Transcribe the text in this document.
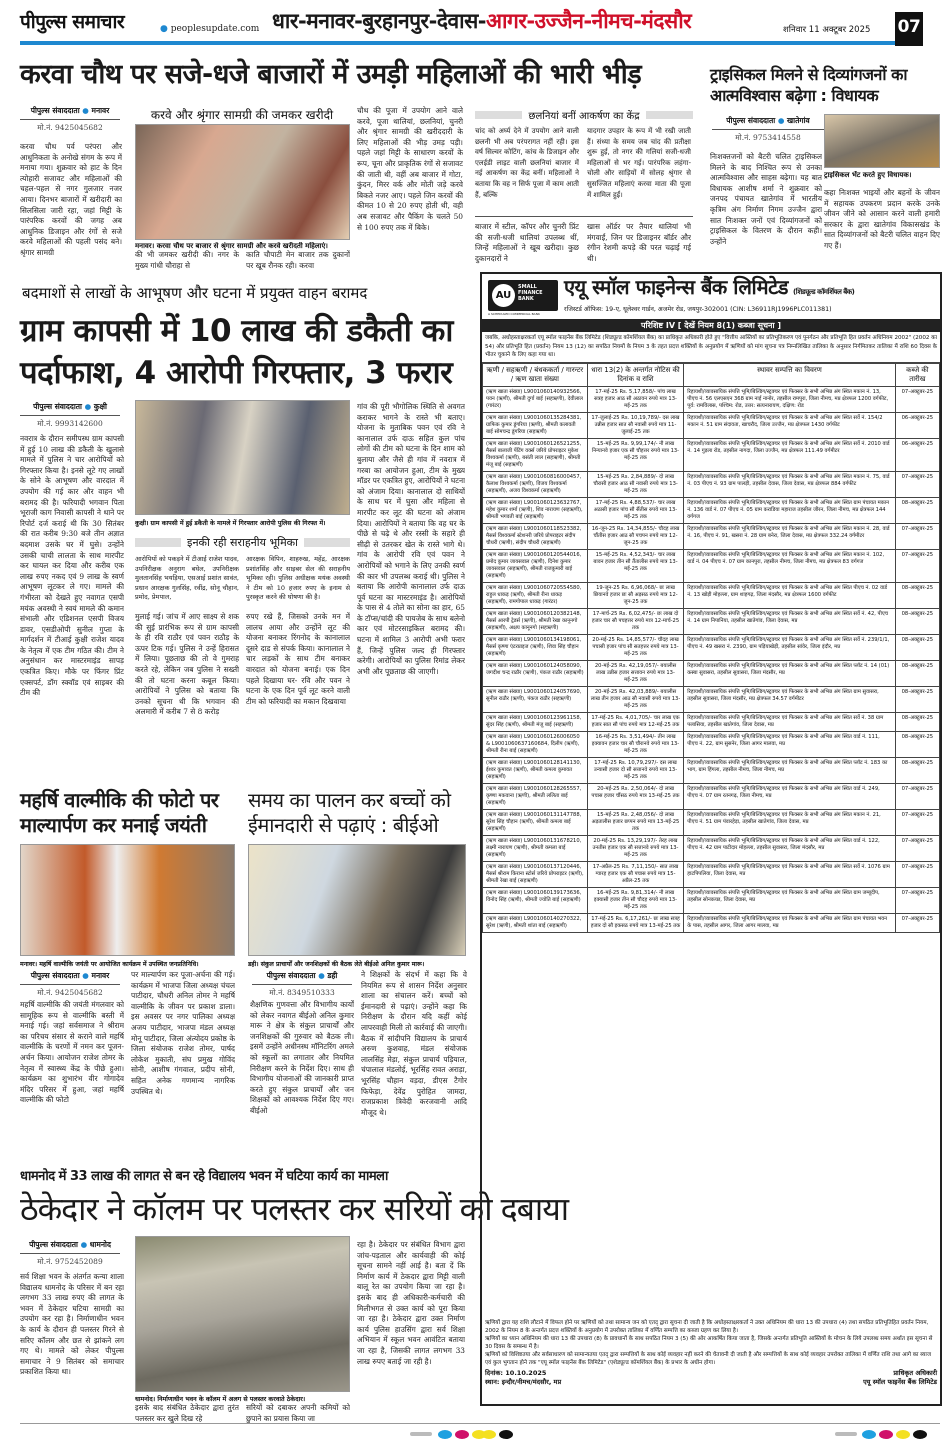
पीपुल्स समाचार	● peoplesupdate.com धार-मनावर-बुरहानपुर-देवास-आगर-उज्जैन-नीमच-मंदसौर	शनिवार 11 अक्टूबर 2025 07
करवा चौथ पर सजे-धजे बाजारों में उमड़ी महिलाओं की भारी भीड़
पीपुल्स संवाददाता ● मनावर
मो.नं. 9425045682
करवा चौथ पर्व परंपरा और आधुनिकता के अनोखे संगम के रूप में मनाया गया। शुक्रवार को हाट के दिन त्योहारी सजावट और महिलाओं की चहल-पहल से नगर गुलजार नजर आया। दिनभर बाजारों में खरीदारी का सिलसिला जारी रहा, जहां मिट्टी के पारंपरिक करवों की जगह अब आधुनिक डिजाइन और रंगों से सजे करवे महिलाओं की पहली पसंद बने। श्रृंगार सामग्री
करवे और श्रृंगार सामग्री की जमकर खरीदी
मनावर। करवा चौथ पर बाजार से श्रृंगार सामग्री और करवे खरीदती महिलाएं।
की भी जमकर खरीदी की। नगर के मुख्य गांधी चौराहा से
काति चौपाटी मेन बाजार तक दुकानों पर खूब रौनक रही। करवा
चौथ की पूजा में उपयोग आने वाले करवे, पूजा थालियां, छलनियां, चुनरी और श्रृंगार सामग्री की खरीददारी के लिए महिलाओं की भीड़ उमड़ पड़ी। पहले जहां मिट्टी के साधारण करवों के रूप, चूना और प्राकृतिक रंगों से सजावट की जाती थी, वहीं अब बाजार में गोटा, कुंदन, मिरर वर्क और मोती जड़े करवे बिकते नजर आए। पहले जिन करवों की कीमत 10 से 20 रुपए होती थी, वही अब सजावट और पैकिंग के चलते 50 से 100 रुपए तक में बिके।
छलनियां बनीं आकर्षण का केंद्र
चांद को अर्घ्य देने में उपयोग आने वाली छलनी भी अब परंपरागत नहीं रही। इस वर्ष सिल्वर कोटिंग, कांच के डिजाइन और एलईडी लाइट वाली छलनियां बाजार में नई आकर्षण का केंद्र बनीं। महिलाओं ने बताया कि वह न सिर्फ पूजा में काम आती हैं, बल्कि
यादगार उपहार के रूप में भी रखी जाती हैं। संध्या के समय जब चांद की प्रतीक्षा शुरू हुई, तो नगर की गलियां सजी-धजी महिलाओं से भर गई। पारंपरिक लहंगा-चोली और साड़ियों में सोलह श्रृंगार से सुसज्जित महिलाएं करवा माता की पूजा में शामिल हुईं।
बाजार में स्टील, कॉपर और चुनरी प्रिंट की सजी-धजी थालियां उपलब्ध थीं, जिन्हें महिलाओं ने खूब खरीदा। कुछ दुकानदारों ने
खास ऑर्डर पर तैयार थालियां भी मंगवाईं, जिन पर डिजाइनर बॉर्डर और रंगीन रेशमी कपड़े की परत चढ़ाई गई थी।
ट्राइसिकल मिलने से दिव्यांगजनों का आत्मविश्वास बढ़ेगा : विधायक
पीपुल्स संवाददाता ● खातेगांव
मो.नं. 9753414558
निःशक्तजनों को बैटरी चलित ट्राइसिकल मिलने के बाद निश्चित रूप से उनका आत्मविश्वास और साहस बढ़ेगा। यह बात विधायक आशीष शर्मा ने शुक्रवार को जनपद पंचायत खातेगांव में भारतीय कृत्रिम अंग निर्माण निगम उज्जैन द्वारा सात निःशक्त जनों एवं दिव्यांगजनों को ट्राइसिकल के वितरण के दौरान कही। उन्होंने
ट्राइसिकल भेंट करते हुए विधायक।
कहा निःशक्त भाइयों और बहनों के जीवन में सहायक उपकरण प्रदान करके उनके जीवन जीने को आसान करने वाली हमारी सरकार के द्वारा खातेगांव विकासखंड के सात दिव्यांगजनों को बैटरी चलित वाहन दिए गए हैं।
बदमाशों से लाखों के आभूषण और घटना में प्रयुक्त वाहन बरामद
ग्राम कापसी में 10 लाख की डकैती का
पर्दाफाश, 4 आरोपी गिरफ्तार, 3 फरार
पीपुल्स संवाददाता ● कुक्षी
मो.नं. 9993142600
नवरात्र के दौरान समीपस्थ ग्राम कापसी में हुई 10 लाख की डकैती के खुलासे मामले में पुलिस ने चार आरोपियों को गिरफ्तार किया है। इनसे लूटे गए लाखों के सोने के आभूषण और वारदात में उपयोग की गई कार और वाहन भी बरामद की है। फरियादी भगवान पिता भूराजी काग निवासी कापसी ने थाने पर रिपोर्ट दर्ज कराई थी कि 30 सितंबर की रात करीब 9:30 बजे तीन अज्ञात बदमाश उसके घर में घुसे। उन्होंने उसकी चाची लालता के साथ मारपीट कर घायल कर दिया और करीब एक लाख रुपए नकद एवं 9 लाख के स्वर्ण आभूषण लूटकर ले गए। मामले की गंभीरता को देखते हुए नवागत एसपी मयंक अवस्थी ने स्वयं मामले की कमान संभाली और एडिशनल एसपी विजय डावर, एसडीओपी सुनील गुप्ता के मार्गदर्शन में टीआई कुक्षी राजेश यादव के नेतृत्व में एक टीम गठित की। टीम ने अनुसंधान कर मास्टरमाइंड सापड़ एकत्रित किए। मौके पर फिंगर प्रिंट एक्सपर्ट, डॉग स्क्वॉड एवं साइबर की टीम की
कुक्षी। ग्राम कापसी में हुई डकैती के मामले में गिरफ्तार आरोपी पुलिस की गिरफ्त में।
इनकी रही सराहनीय भूमिका
आरोपियों को पकड़ने में टीआई राजेश यादव, उपनिरीक्षक अनुराग बघेल, उपनिरीक्षक मुलतानसिंह भयड़िया, एसआई प्रशांत सावंत, प्रधान आरक्षक गुलसिंह, रवींद्र, सोनू चौहान, प्रमोद, प्रेमपाल,
आरक्षक विपिन, शाहरुख, महेंद्र, आरक्षक प्रशांतसिंह और साइबर सेल की सराहनीय भूमिका रही। पुलिस अधीक्षक मयंक अवस्थी ने टीम को 10 हजार रुपए के इनाम से पुरस्कृत करने की घोषणा की है।
मुलाई गई। जांच में आए साक्ष्य से शक की सुई प्रारंभिक रूप से ग्राम कापसी के ही रवि राठौर एवं पवन राठौड़ के ऊपर टिक गई। पुलिस ने उन्हें हिरासत में लिया। पूछताछ की तो वे गुमराह करते रहे, लेकिन जब पुलिस ने सख्ती की तो घटना करना कबूल किया। आरोपियों ने पुलिस को बताया कि उनको सूचना थी कि भगवान की अलमारी में करीब 7 से 8 करोड़
रुपए रखे हैं, जिसको उनके मन में लालच आया और उन्होंने लूट की योजना बनाकर रिंगनोद के कानालाल दूसरे दाड से संपर्क किया। कानालाल ने चार लड़कों के साथ टीम बनाकर वारदात को योजना बनाई। एक दिन पहले दिखाया घर- रवि और पवन ने घटना के एक दिन पूर्व लूट करने वाली टीम को फरियादी का मकान दिखवाया
गांव की पूरी भौगोलिक स्थिति से अवगत कराकर भागने के रास्ते भी बताए। योजना के मुताबिक पवन एवं रवि ने कानालाल उर्फ दाऊ सहित कुल पांच लोगों की टीम को घटना के दिन शाम को बुलाया और जैसे ही गांव में नवरात्र में गरबा का आयोजन हुआ, टीम के मुख्य मॉडर पर एकत्रित हुए, आरोपियों ने घटना को अंजाम दिया। कानालाल दो साथियों के साथ घर में घुसा और महिला से मारपीट कर लूट की घटना को अंजाम दिया। आरोपियों ने बताया कि वह घर के पीछे से चढ़े थे और रस्सी के सहारे ही सीढ़ी से उतरकर खेत के रास्ते भागे थे। गांव के आरोपी रवि एवं पवन ने आरोपियों को भगाने के लिए उनकी स्वर्ण की कार भी उपलब्ध कराई थी। पुलिस ने बताया कि आरोपी कानालाल उर्फ दाऊ पूर्व घटना का मास्टरमाइंड है। आरोपियों के पास से 4 तोले का सोना का हार, 65 के टॉप्स/चांदी की पायजेब के साथ बलेनो कार एवं मोटरसाइकिल बरामद की। घटना में शामिल 3 आरोपी अभी फरार हैं, जिन्हें पुलिस जल्द ही गिरफ्तार करेगी। आरोपियों का पुलिस रिमांड लेकर अभी और पूछताछ की जाएगी।
महर्षि वाल्मीकि की फोटो पर माल्यार्पण कर मनाई जयंती
मनावर। महर्षि वाल्मीकि जयंती पर आयोजित कार्यक्रम में उपस्थित जनप्रतिनिधि।
पीपुल्स संवाददाता ● मनावर
मो.नं. 9425045682
महर्षि वाल्मीकि की जयंती मंगलवार को सामूहिक रूप से वाल्मीकि बस्ती में मनाई गई। जहां सर्वसमाज ने श्रीराम का परिचय संसार से कराने वाले महर्षि वाल्मीकि के चरणों में नमन कर पूजन-अर्चन किया। आयोजन राजेश तोमर के नेतृत्व में स्वास्थ्य केंद्र के पीछे हुआ। कार्यक्रम का शुभारंभ वीर गोगादेव मंदिर परिसर में हुआ, जहां महर्षि वाल्मीकि की फोटो
पर माल्यार्पण कर पूजा-अर्चना की गई। कार्यक्रम में भाजपा जिला अध्यक्ष चंचल पाटीदार, चौधरी अनिल तोमर ने महर्षि वाल्मीकि के जीवन पर प्रकाश डाला। इस अवसर पर नगर पालिका अध्यक्ष अजय पाटीदार, भाजपा मंडल अध्यक्ष मोनू पाटीदार, जिला अंत्योदय प्रकोष्ठ के जिला संयोजक राजेश तोमर, पार्षद लोकेश मुकाती, संघ प्रमुख गोविंद सोनी, आशीष गंगवाल, प्रदीप सोनी, सहित अनेक गणमान्य नागरिक उपस्थित थे।
समय का पालन कर बच्चों को ईमानदारी से पढ़ाएं : बीईओ
डही। संकुल प्राचार्यों और जनशिक्षकों की बैठक लेते बीईओ अनिल कुमार मारू।
पीपुल्स संवाददाता ● डही
मो.नं. 8349510333
शैक्षणिक गुणवत्ता और विभागीय कार्यों को लेकर नवागत बीईओ अनिल कुमार मारू ने क्षेत्र के संकुल प्राचार्यों और जनशिक्षकों की गुरुवार को बैठक ली। इसमें उन्होंने अधीनस्थ मॉनिटरिंग अमले को स्कूलों का लगातार और नियमित निरीक्षण करने के निर्देश दिए। साथ ही विभागीय योजनाओं की जानकारी प्राप्त करते हुए संकुल प्राचार्यों और जन शिक्षकों को आवश्यक निर्देश दिए गए। बीईओ
ने शिक्षकों के संदर्भ में कहा कि वे नियमित रूप से शासन निर्देश अनुसार शाला का संचालन करें। बच्चों को ईमानदारी से पढ़ाएं। उन्होंने कहा कि निरीक्षण के दौरान यदि कहीं कोई लापरवाही मिली तो कार्रवाई की जाएगी। बैठक में सांदीपनि विद्यालय के प्राचार्य अरुण कुशवाह, मंडल संयोजक लालसिंह मेड़ा, संकुल प्राचार्य पड़ियाल, चंपालाल मंडलोई, भूरसिंह रावत अराड़ा, भूरसिंह चौहान वड़दा, डीएस टैगोर फिफेड़ा, देवेंद्र पुरोहित जामदा, राजप्रकाश त्रिवेदी करजवानी आदि मौजूद थे।
धामनोद में 33 लाख की लागत से बन रहे विद्यालय भवन में घटिया कार्य का मामला
ठेकेदार ने कॉलम पर पलस्तर कर सरियों को दबाया
पीपुल्स संवाददाता ● धामनोद
मो.नं. 9752452089
सर्व शिक्षा भवन के अंतर्गत कन्या शाला विद्यालय धामनोद के परिसर में बन रहा लगभग 33 लाख रुपए की लागत के भवन में ठेकेदार घटिया सामग्री का उपयोग कर रहा है। निर्माणाधीन भवन के कार्य के दौरान ही पलस्तर गिरने से सरिए कॉलम और छत से झांकने लग गए थे। मामले को लेकर पीपुल्स समाचार ने 9 सितंबर को समाचार प्रकाशित किया था।
धामनोद। निर्माणाधीन भवन के कॉलम में अलग से पलस्तर करवाते ठेकेदार।
इसके बाद संबंधित ठेकेदार द्वारा तुरंत पलस्तर कर खुले दिख रहे
सरियों को दबाकर अपनी कमियों को छुपाने का प्रयास किया जा
रहा है। ठेकेदार पर संबंधित विभाग द्वारा जांच-पड़ताल और कार्यवाही की कोई सूचना सामने नहीं आई है। बता दें कि निर्माण कार्य में ठेकदार द्वारा मिट्टी वाली बालू रेत का उपयोग किया जा रहा है। इसके बाद ही अधिकारी-कर्मचारी की मिलीभगत से उक्त कार्य को पूरा किया जा रहा है। ठेकेदार द्वारा उक्त निर्माण कार्य पुलिस हाउसिंग द्वारा सर्व शिक्षा अभियान में स्कूल भवन आवंटित बताया जा रहा है, जिसकी लागत लगभग 33 लाख रुपए बताई जा रही है।
AU
SMALL FINANCE BANK
A SCHEDULED COMMERCIAL BANK
एयू स्मॉल फाइनेन्स बैंक लिमिटेड (शिड्यूल्ड कॉमर्शियल बैंक)
रजिस्टर्ड ऑफिस: 19-ए, धूलेश्वर गार्डन, अजमेर रोड, जयपुर-302001 (CIN: L36911RJ1996PLC011381)
परिशिष्ट IV [ देखें नियम 8(1) कब्जा सूचना ]
जबकि, अधोहस्ताक्षरकर्ता एयू स्मॉल फाइनेंस बैंक लिमिटेड (शिड्यूल्ड कॉमर्शियल बैंक) का प्राधिकृत अधिकारी होते हुए "वित्तीय आस्तियों का प्रतिभूतिकरण एवं पुनर्गठन और प्रतिभूति हित प्रवर्तन अधिनियम 2002" (2002 का 54) और प्रतिभूति हित (प्रवर्तन) नियम 13 (12) का सपठित नियमों के नियम 3 के तहत प्रदत्त शक्तियों के अनुप्रयोग में ऋणियों को मांग सूचना पत्र निम्नलिखित तालिका के अनुसार निर्गमितकर तालिका में राशि 60 दिवस के भीतर चुकाने के लिए कहा गया था।
ऋणी / सहऋणी / बंधककर्ता / गारन्टर / ऋण खाता संख्या	धारा 13(2) के अन्तर्गत नोटिस की दिनांक व राशि	स्थावर सम्पत्ति का विवरण	कब्जे की तारीख
(ऋण खाता संख्या) L9001060140932566, पवन (ऋणी), श्रीमती दुर्गा बाई (सहऋणी), देवीलाल (गारंटर)	17-मई-25 Rs. 5,17,858/- पांच लाख सत्रह हजार आठ सौ अठावन रुपये मात्र 13-मई-25 तक	रिहायशी/व्यावसायिक संपत्ति भूमि/बिल्डिंग/स्ट्रक्चर एवं फिक्सर के सभी अभिन्न अंग स्थित मकान नं. 13, पीएच नं. 56 एलएसएन 368 ग्राम नाई नानोर, तहसील रामपुरा, जिला नीमच, मप्र क्षेत्रफल 1200 वर्गफीट, पूर्व: रामविलास, पश्चिम: रोड, उत्तर: सत्यनारायण, दक्षिण: रोड	07-अक्टूबर-25
(ऋण खाता संख्या) L9001060135284381, ग्राफिक कुमार डूंगरिया (ऋणी), श्रीमती कलावती बाई सोमचन्द्र डूंगरिया (सहऋणी)	17-जुलाई-25 Rs. 10,19,789/- दस लाख उन्नीस हजार सात सौ नवासी रुपये मात्र 11-जुलाई-25 तक	रिहायशी/व्यावसायिक संपत्ति भूमि/बिल्डिंग/स्ट्रक्चर एवं फिक्सर के सभी अभिन्न अंग स्थित सर्वे नं. 154/2 मकान नं. 51 ग्राम संदावता, खाचरौद, जिला उज्जैन, मप्र क्षेत्रफल 1430 वर्गफीट	06-अक्टूबर-25
(ऋण खाता संख्या) L9001060126521255, मैसर्स बालाजी पेंटिंग वर्क्स जरिये प्रोपराइटर मुकेश विश्वकर्मा (ऋणी), बसंती लाल (सहऋणी), श्रीमती मंजू बाई (सहऋणी)	15-मई-25 Rs. 9,99,174/- नौ लाख निन्यानवे हजार एक सौ चौहत्तर रुपये मात्र 13-मई-25 तक	रिहायशी/व्यावसायिक संपत्ति भूमि/बिल्डिंग/स्ट्रक्चर एवं फिक्सर के सभी अभिन्न अंग स्थित सर्वे नं. 2010 वार्ड नं. 14 गुड़ला रोड, तहसील नागदा, जिला उज्जैन, मप्र क्षेत्रफल 111.49 वर्गमीटर	06-अक्टूबर-25
(ऋण खाता संख्या) L9001060816000457, कैलाश विश्वकर्मा (ऋणी), विजय विश्वकर्मा (सहऋणी), अजय विश्वकर्मा (सहऋणी)	15-मई-25 Rs. 2,84,889/- दो लाख चौरासी हजार आठ सौ नवासी रुपये मात्र 13-मई-25 तक	रिहायशी/व्यावसायिक संपत्ति भूमि/बिल्डिंग/स्ट्रक्चर एवं फिक्सर के सभी अभिन्न अंग स्थित मकान नं. 75, वार्ड नं. 03 पीएच नं. 93 ग्राम पालड़ी, तहसील देवास, जिला देवास, मप्र क्षेत्रफल 884 वर्गफीट	07-अक्टूबर-25
(ऋण खाता संख्या) L9001060123632767, महेश कुमार शर्मा (ऋणी), शिव नारायण (सहऋणी), श्रीमती भगवती बाई (सहऋणी)	17-मई-25 Rs. 4,88,537/- चार लाख अठासी हजार पांच सौ सैंतीस रुपये मात्र 13-मई-25 तक	रिहायशी/व्यावसायिक संपत्ति भूमि/बिल्डिंग/स्ट्रक्चर एवं फिक्सर के सभी अभिन्न अंग स्थित ग्राम पंचायत मकान नं. 136 वार्ड नं. 07 पीएच नं. 05 ग्राम कराडिया महाराज तहसील जीरन, जिला नीमच, मप्र क्षेत्रफल 144 वर्गगज	08-अक्टूबर-25
(ऋण खाता संख्या) L9001060118523382, मैसर्स विश्वकर्मा स्टेशनरी जरिये प्रोपराइटर संदीप चौधरी (ऋणी), संदीप चौधरी (सहऋणी)	16-जून-25 Rs. 14,34,855/- चौदह लाख चौंतीस हजार आठ सौ पचपन रुपये मात्र 12-जून-25 तक	रिहायशी/व्यावसायिक संपत्ति भूमि/बिल्डिंग/स्ट्रक्चर एवं फिक्सर के सभी अभिन्न अंग स्थित मकान नं. 28, वार्ड नं. 16, पीएच नं. 91, खसरा नं. 28 ग्राम बनेरा, जिला देवास, मप्र क्षेत्रफल 332.24 वर्गमीटर	07-अक्टूबर-25
(ऋण खाता संख्या) L9001060120544016, प्रमोद कुमार जायसवाल (ऋणी), दिनेश कुमार जायसवाल (सहऋणी), श्रीमती राजकुमारी बाई (सहऋणी)	15-मई-25 Rs. 4,52,343/- चार लाख बावन हजार तीन सौ तैंतालीस रुपये मात्र 13-मई-25 तक	रिहायशी/व्यावसायिक संपत्ति भूमि/बिल्डिंग/स्ट्रक्चर एवं फिक्सर के सभी अभिन्न अंग स्थित मकान नं. 102, वार्ड नं. 04 पीएच नं. 07 ग्राम कानपुरा, तहसील नीमच, जिला नीमच, मप्र क्षेत्रफल 83 वर्गगज	07-अक्टूबर-25
(ऋण खाता संख्या) L9001060720554580, राहुल धाकड़ (ऋणी), श्रीमती रीना धाकड़ (सहऋणी), रामगोपाल धाकड़ (गारंटर)	19-जून-25 Rs. 6,96,068/- छः लाख छियानवे हजार छः सौ अड़सठ रुपये मात्र 12-जून-25 तक	रिहायशी/व्यावसायिक संपत्ति भूमि/बिल्डिंग/स्ट्रक्चर एवं फिक्सर के सभी अभिन्न अंग स्थित पीएच नं. 02 वार्ड नं. 13 खोड़ी मोहल्ला, ग्राम शाहगढ़, जिला मंदसौर, मप्र क्षेत्रफल 1600 वर्गफीट	08-अक्टूबर-25
(ऋण खाता संख्या) L9001060120382148, मैसर्स आरपी ट्रेडर्स (ऋणी), श्रीमती रेखा कानूनगो (सहऋणी), अक्षय कानूनगो (सहऋणी)	17-मार्च-25 Rs. 6,02,475/- छः लाख दो हजार चार सौ पचहत्तर रुपये मात्र 12-मार्च-25 तक	रिहायशी/व्यावसायिक संपत्ति भूमि/बिल्डिंग/स्ट्रक्चर एवं फिक्सर के सभी अभिन्न अंग स्थित सर्वे नं. 42, पीएच नं. 14 ग्राम निपानिया, तहसील खातेगांव, जिला देवास, मप्र	08-अक्टूबर-25
(ऋण खाता संख्या) L9001060134198061, मैसर्स कृष्णा एंटरप्राइज (ऋणी), शिवा सिंह चौहान (सहऋणी)	20-मई-25 Rs. 14,85,577/- चौदह लाख पचासी हजार पांच सौ सतहत्तर रुपये मात्र 13-मई-25 तक	रिहायशी/व्यावसायिक संपत्ति भूमि/बिल्डिंग/स्ट्रक्चर एवं फिक्सर के सभी अभिन्न अंग स्थित सर्वे नं. 239/1/1, पीएच नं. 49 खसरा नं. 2390, ग्राम पड़ियाखेड़ी, तहसील सांवेर, जिला इंदौर, मप्र	08-अक्टूबर-25
(ऋण खाता संख्या) L9001060124058090, जगदीश चन्द्र राठौर (ऋणी), पंकज राठौर (सहऋणी)	20-मई-25 Rs. 42,19,057/- बयालीस लाख उन्नीस हजार सत्तावन रुपये मात्र 13-मई-25 तक	रिहायशी/व्यावसायिक संपत्ति भूमि/बिल्डिंग/स्ट्रक्चर एवं फिक्सर के सभी अभिन्न अंग स्थित प्लॉट नं. 14 (01) कस्बा सुवासरा, तहसील सुवासरा, जिला मंदसौर, मप्र	08-अक्टूबर-25
(ऋण खाता संख्या) L9001060124057690, सुनील राठौर (ऋणी), पंकज राठौर (सहऋणी)	20-मई-25 Rs. 42,03,889/- बयालीस लाख तीन हजार आठ सौ नवासी रुपये मात्र 13-मई-25 तक	रिहायशी/व्यावसायिक संपत्ति भूमि/बिल्डिंग/स्ट्रक्चर एवं फिक्सर के सभी अभिन्न अंग स्थित ग्राम सुवासरा, तहसील सुवासरा, जिला मंदसौर, मप्र क्षेत्रफल 34.57 वर्गमीटर	08-अक्टूबर-25
(ऋण खाता संख्या) L9001060123961158, सुंदर सिंह (ऋणी), श्रीमती मंजू बाई (सहऋणी)	17-मई-25 Rs. 4,01,705/- चार लाख एक हजार सात सौ पांच रुपये मात्र 12-मई-25 तक	रिहायशी/व्यावसायिक संपत्ति भूमि/बिल्डिंग/स्ट्रक्चर एवं फिक्सर के सभी अभिन्न अंग स्थित सर्वे नं. 38 ग्राम पलासिया, तहसील खातेगांव, जिला देवास, मप्र	08-अक्टूबर-25
(ऋण खाता संख्या) L9001060126006050 & L9001060637160684, दिलीप (ऋणी), श्रीमती रीना बाई (सहऋणी)	16-मई-25 Rs. 3,51,494/- तीन लाख इक्यावन हजार चार सौ चौरानवे रुपये मात्र 13-मई-25 तक	रिहायशी/व्यावसायिक संपत्ति भूमि/बिल्डिंग/स्ट्रक्चर एवं फिक्सर के सभी अभिन्न अंग स्थित वार्ड नं. 111, पीएच नं. 22, ग्राम सुसनेर, जिला आगर मालवा, मप्र	08-अक्टूबर-25
(ऋण खाता संख्या) L9001060128141130, ईश्वर कुमावत (ऋणी), श्रीमती कमला कुमावत (सहऋणी)	17-मई-25 Rs. 10,79,297/- दस लाख उन्यासी हजार दो सौ सत्तानवे रुपये मात्र 13-मई-25 तक	रिहायशी/व्यावसायिक संपत्ति भूमि/बिल्डिंग/स्ट्रक्चर एवं फिक्सर के सभी अभिन्न अंग स्थित प्लॉट नं. 183 का भाग, ग्राम हिंगला, तहसील नीमच, जिला नीमच, मप्र	08-अक्टूबर-25
(ऋण खाता संख्या) L9001060128265557, कृष्णा मकवाना (ऋणी), श्रीमती ललिता बाई (सहऋणी)	20-मई-25 Rs. 2,50,064/- दो लाख पचास हजार चौंसठ रुपये मात्र 13-मई-25 तक	रिहायशी/व्यावसायिक संपत्ति भूमि/बिल्डिंग/स्ट्रक्चर एवं फिक्सर के सभी अभिन्न अंग स्थित वार्ड नं. 249, पीएच नं. 07 ग्राम रतनगढ़, जिला नीमच, मप्र	07-अक्टूबर-25
(ऋण खाता संख्या) L9001060131147788, सुरेश सिंह चौहान (ऋणी), श्रीमती कमला बाई (सहऋणी)	15-मई-25 Rs. 2,48,056/- दो लाख अड़तालीस हजार छप्पन रुपये मात्र 13-मई-25 तक	रिहायशी/व्यावसायिक संपत्ति भूमि/बिल्डिंग/स्ट्रक्चर एवं फिक्सर के सभी अभिन्न अंग स्थित मकान नं. 21, पीएच नं. 51 ग्राम पंवारहेड़ा, तहसील खातेगांव, जिला देवास, मप्र	07-अक्टूबर-25
(ऋण खाता संख्या) L9001060131678210, लक्ष्मी नारायण (ऋणी), श्रीमती कमला बाई (सहऋणी)	20-मई-25 Rs. 13,29,197/- तेरह लाख उनतीस हजार एक सौ सत्तानवे रुपये मात्र 13-मई-25 तक	रिहायशी/व्यावसायिक संपत्ति भूमि/बिल्डिंग/स्ट्रक्चर एवं फिक्सर के सभी अभिन्न अंग स्थित वार्ड नं. 122, पीएच नं. 42 ग्राम पाटीदार मोहल्ला, तहसील सुवासरा, जिला मंदसौर, मप्र	07-अक्टूबर-25
(ऋण खाता संख्या) L9001060137120446, मैसर्स श्रीराम किराना स्टोर्स जरिये प्रोपराइटर (ऋणी), श्रीमती रेखा बाई (सहऋणी)	17-अप्रैल-25 Rs. 7,11,150/- सात लाख ग्यारह हजार एक सौ पचास रुपये मात्र 15-अप्रैल-25 तक	रिहायशी/व्यावसायिक संपत्ति भूमि/बिल्डिंग/स्ट्रक्चर एवं फिक्सर के सभी अभिन्न अंग स्थित सर्वे नं. 1076 ग्राम हाटपिपलिया, जिला देवास, मप्र	07-अक्टूबर-25
(ऋण खाता संख्या) L9001060139173636, विनोद सिंह (ऋणी), श्रीमती ज्योति बाई (सहऋणी)	16-मई-25 Rs. 9,81,314/- नौ लाख इक्यासी हजार तीन सौ चौदह रुपये मात्र 13-मई-25 तक	रिहायशी/व्यावसायिक संपत्ति भूमि/बिल्डिंग/स्ट्रक्चर एवं फिक्सर के सभी अभिन्न अंग स्थित ग्राम जम्बूदीप, तहसील सोनकच्छ, जिला देवास, मप्र	07-अक्टूबर-25
(ऋण खाता संख्या) L9001060140270322, सुरेश (ऋणी), श्रीमती शांता बाई (सहऋणी)	17-मई-25 Rs. 6,17,261/- छः लाख सत्रह हजार दो सौ इकसठ रुपये मात्र 13-मई-25 तक	रिहायशी/व्यावसायिक संपत्ति भूमि/बिल्डिंग/स्ट्रक्चर एवं फिक्सर के सभी अभिन्न अंग स्थित ग्राम पंचायत भवन के पास, तहसील आगर, जिला आगर मालवा, मप्र	07-अक्टूबर-25
ऋणियों द्वारा यह राशि लौटाने में विफल होने पर ऋणियों को तथा सामान्य जन को एतद् द्वारा सूचना दी जाती है कि अधोहस्ताक्षरकर्ता ने उक्त अधिनियम की धारा 13 की उपधारा (4) तथा सपठित प्रतिभूतिहित प्रवर्तन नियम, 2002 के नियम 8 के अन्तर्गत प्रदत्त शक्तियों के अनुप्रयोग में उपरोक्त तालिका में वर्णित सम्पत्ति का कब्जा ग्रहण कर लिया है।
ऋणियों का ध्यान अधिनियम की धारा 13 की उपधारा (8) के प्रावधानों के साथ सपठित नियम 3 (5) की ओर आकर्षित किया जाता है, जिसके अन्तर्गत प्रतिभूति आस्तियों के मोचन के लिये उपलब्ध समय अर्थात इस सूचना से 30 दिवस के सम्बन्ध में है।
ऋणियों को विशिष्टतया और सर्वसाधारण को सामान्यतया एतद् द्वारा सम्पत्तियों के साथ कोई व्यवहार नहीं करने की चेतावनी दी जाती है और सम्पत्तियों के साथ कोई व्यवहार उपरोक्त तालिका में वर्णित राशि तथा आगे का ब्याज एवं कुल भुगतान होने तक "एयू स्मॉल फाइनेंस बैंक लिमिटेड" (एशेड्यूल्ड कॉमर्शियल बैंक) के प्रभार के अधीन होगा।
दिनांक: 10.10.2025
स्थान: इन्दौर/नीमच/मंदसौर, मप्र
प्राधिकृत अधिकारी
एयू स्मॉल फाइनेंस बैंक लिमिटेड
